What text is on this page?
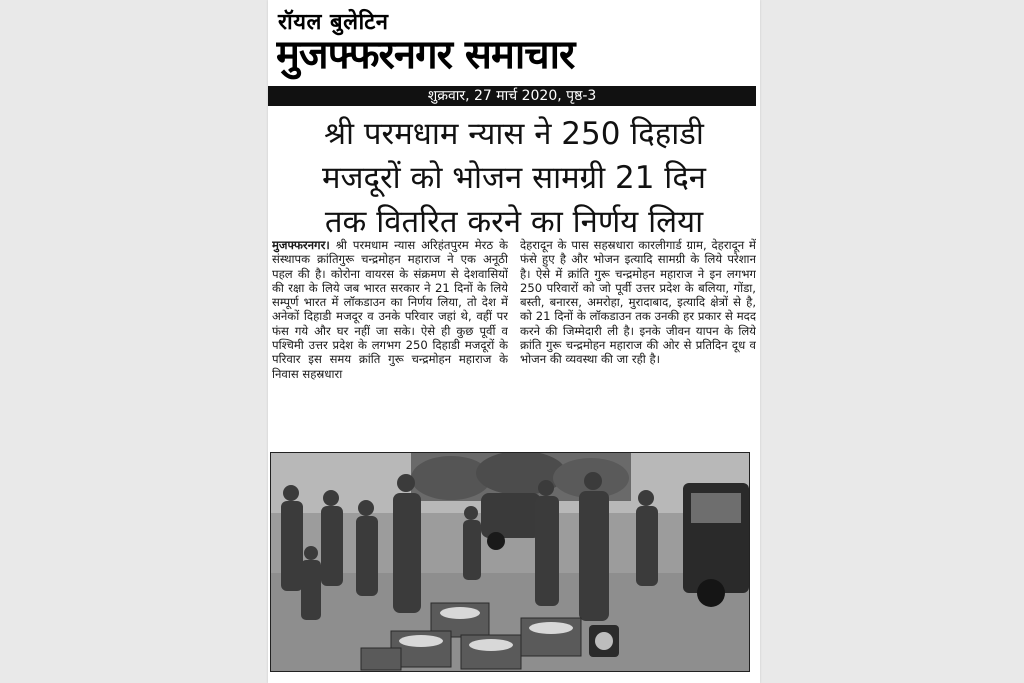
रॉयल बुलेटिन
मुजफ्फरनगर समाचार
शुक्रवार, 27 मार्च 2020, पृष्ठ-3
श्री परमधाम न्यास ने 250 दिहाडी
मजदूरों को भोजन सामग्री 21 दिन
तक वितरित करने का निर्णय लिया
मुजफ्फरनगर। श्री परमधाम न्यास अरिहंतपुरम मेरठ के संस्थापक क्रांतिगुरू चन्द्रमोहन महाराज ने एक अनूठी पहल की है। कोरोना वायरस के संक्रमण से देशवासियों की रक्षा के लिये जब भारत सरकार ने 21 दिनों के लिये सम्पूर्ण भारत में लॉकडाउन का निर्णय लिया, तो देश में अनेकों दिहाडी मजदूर व उनके परिवार जहां थे, वहीं पर फंस गये और घर नहीं जा सके। ऐसे ही कुछ पूर्वी व पश्चिमी उत्तर प्रदेश के लगभग 250 दिहाडी मजदूरों के परिवार इस समय क्रांति गुरू चन्द्रमोहन महाराज के निवास सहस्रधारा
देहरादून के पास सहस्रधारा कारलीगार्ड ग्राम, देहरादून में फंसे हुए है और भोजन इत्यादि सामग्री के लिये परेशान है। ऐसे में क्रांति गुरू चन्द्रमोहन महाराज ने इन लगभग 250 परिवारों को जो पूर्वी उत्तर प्रदेश के बलिया, गोंडा, बस्ती, बनारस, अमरोहा, मुरादाबाद, इत्यादि क्षेत्रों से है, को 21 दिनों के लॉकडाउन तक उनकी हर प्रकार से मदद करने की जिम्मेदारी ली है। इनके जीवन यापन के लिये क्रांति गुरू चन्द्रमोहन महाराज की ओर से प्रतिदिन दूध व भोजन की व्यवस्था की जा रही है।
